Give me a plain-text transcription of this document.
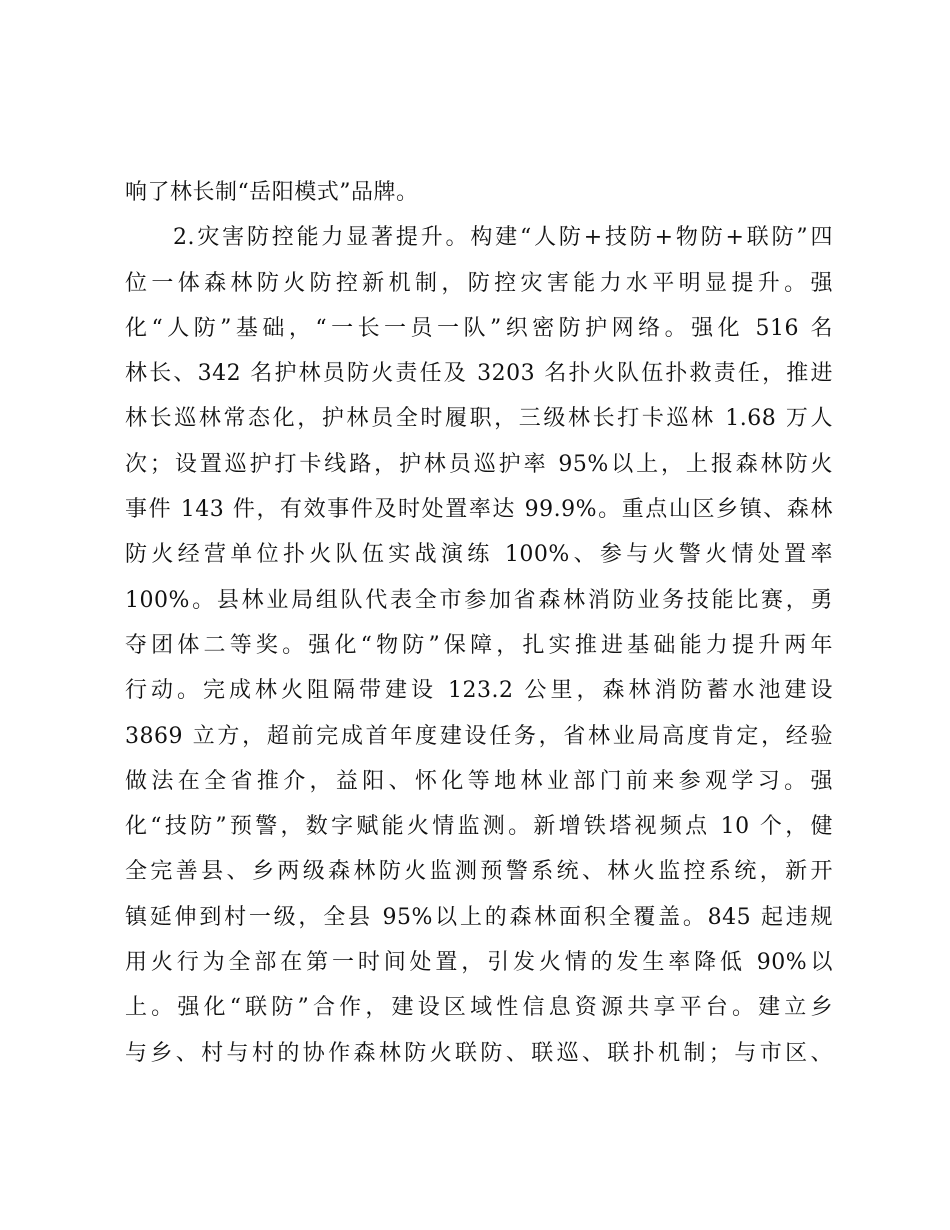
响了林长制“岳阳模式”品牌。
2.灾害防控能力显著提升。构建“人防+技防+物防+联防”四
位一体森林防火防控新机制，防控灾害能力水平明显提升。强
化“人防”基础，“一长一员一队”织密防护网络。强化 516 名
林长、342 名护林员防火责任及 3203 名扑火队伍扑救责任，推进
林长巡林常态化，护林员全时履职，三级林长打卡巡林 1.68 万人
次；设置巡护打卡线路，护林员巡护率 95%以上，上报森林防火
事件 143 件，有效事件及时处置率达 99.9%。重点山区乡镇、森林
防火经营单位扑火队伍实战演练 100%、参与火警火情处置率
100%。县林业局组队代表全市参加省森林消防业务技能比赛，勇
夺团体二等奖。强化“物防”保障，扎实推进基础能力提升两年
行动。完成林火阻隔带建设 123.2 公里，森林消防蓄水池建设
3869 立方，超前完成首年度建设任务，省林业局高度肯定，经验
做法在全省推介，益阳、怀化等地林业部门前来参观学习。强
化“技防”预警，数字赋能火情监测。新增铁塔视频点 10 个，健
全完善县、乡两级森林防火监测预警系统、林火监控系统，新开
镇延伸到村一级，全县 95%以上的森林面积全覆盖。845 起违规
用火行为全部在第一时间处置，引发火情的发生率降低 90%以
上。强化“联防”合作，建设区域性信息资源共享平台。建立乡
与乡、村与村的协作森林防火联防、联巡、联扑机制；与市区、
